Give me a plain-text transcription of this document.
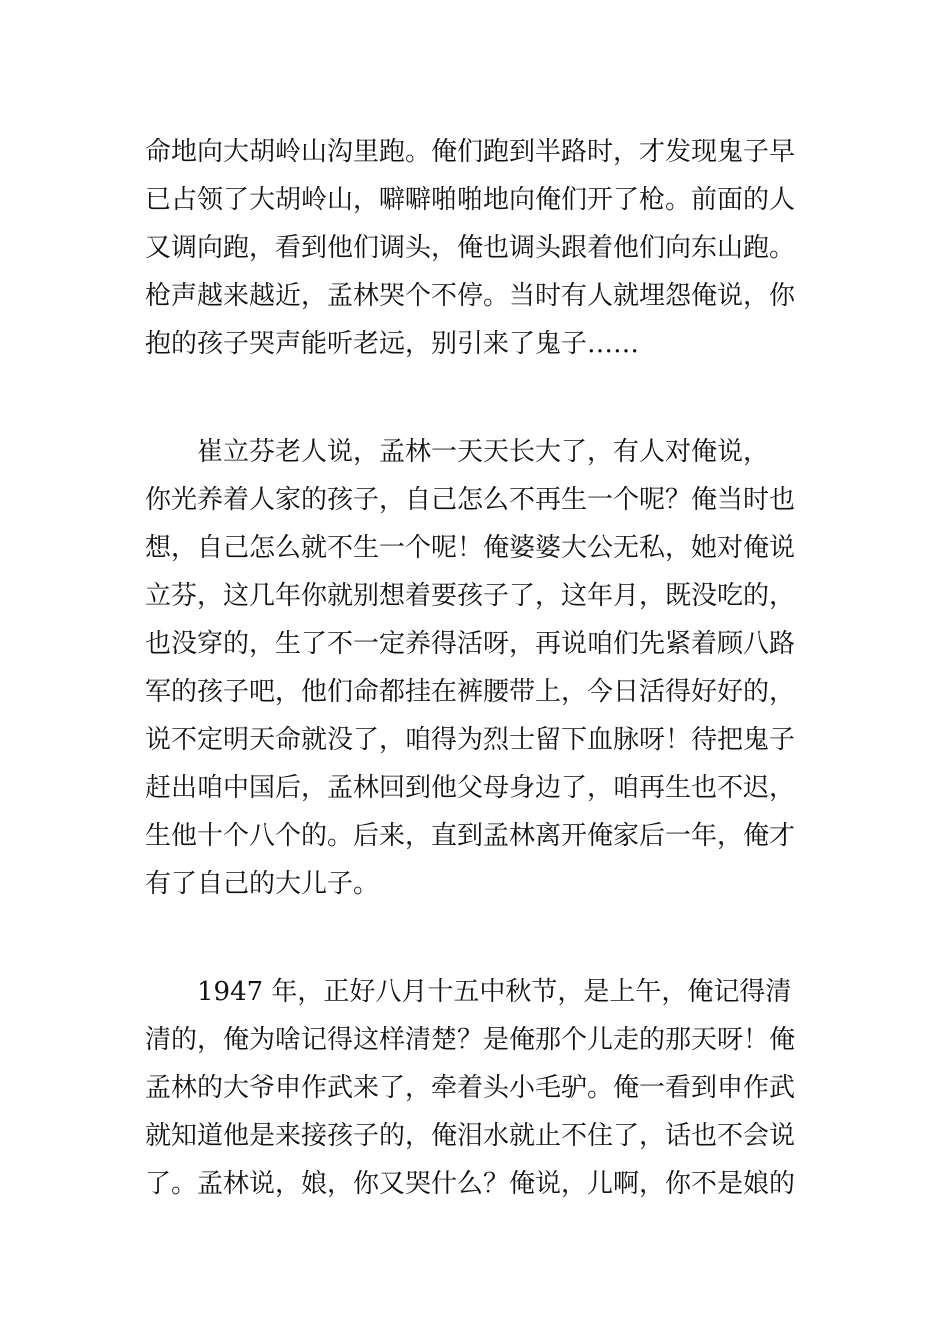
命地向大胡岭山沟里跑。俺们跑到半路时，才发现鬼子早
已占领了大胡岭山，噼噼啪啪地向俺们开了枪。前面的人
又调向跑，看到他们调头，俺也调头跟着他们向东山跑。
枪声越来越近，孟林哭个不停。当时有人就埋怨俺说，你
抱的孩子哭声能听老远，别引来了鬼子……
　　崔立芬老人说，孟林一天天长大了，有人对俺说，
你光养着人家的孩子，自己怎么不再生一个呢？俺当时也
想，自己怎么就不生一个呢！俺婆婆大公无私，她对俺说
立芬，这几年你就别想着要孩子了，这年月，既没吃的，
也没穿的，生了不一定养得活呀，再说咱们先紧着顾八路
军的孩子吧，他们命都挂在裤腰带上，今日活得好好的，
说不定明天命就没了，咱得为烈士留下血脉呀！待把鬼子
赶出咱中国后，孟林回到他父母身边了，咱再生也不迟，
生他十个八个的。后来，直到孟林离开俺家后一年，俺才
有了自己的大儿子。
　　1947 年，正好八月十五中秋节，是上午，俺记得清
清的，俺为啥记得这样清楚？是俺那个儿走的那天呀！俺
孟林的大爷申作武来了，牵着头小毛驴。俺一看到申作武
就知道他是来接孩子的，俺泪水就止不住了，话也不会说
了。孟林说，娘，你又哭什么？俺说，儿啊，你不是娘的
